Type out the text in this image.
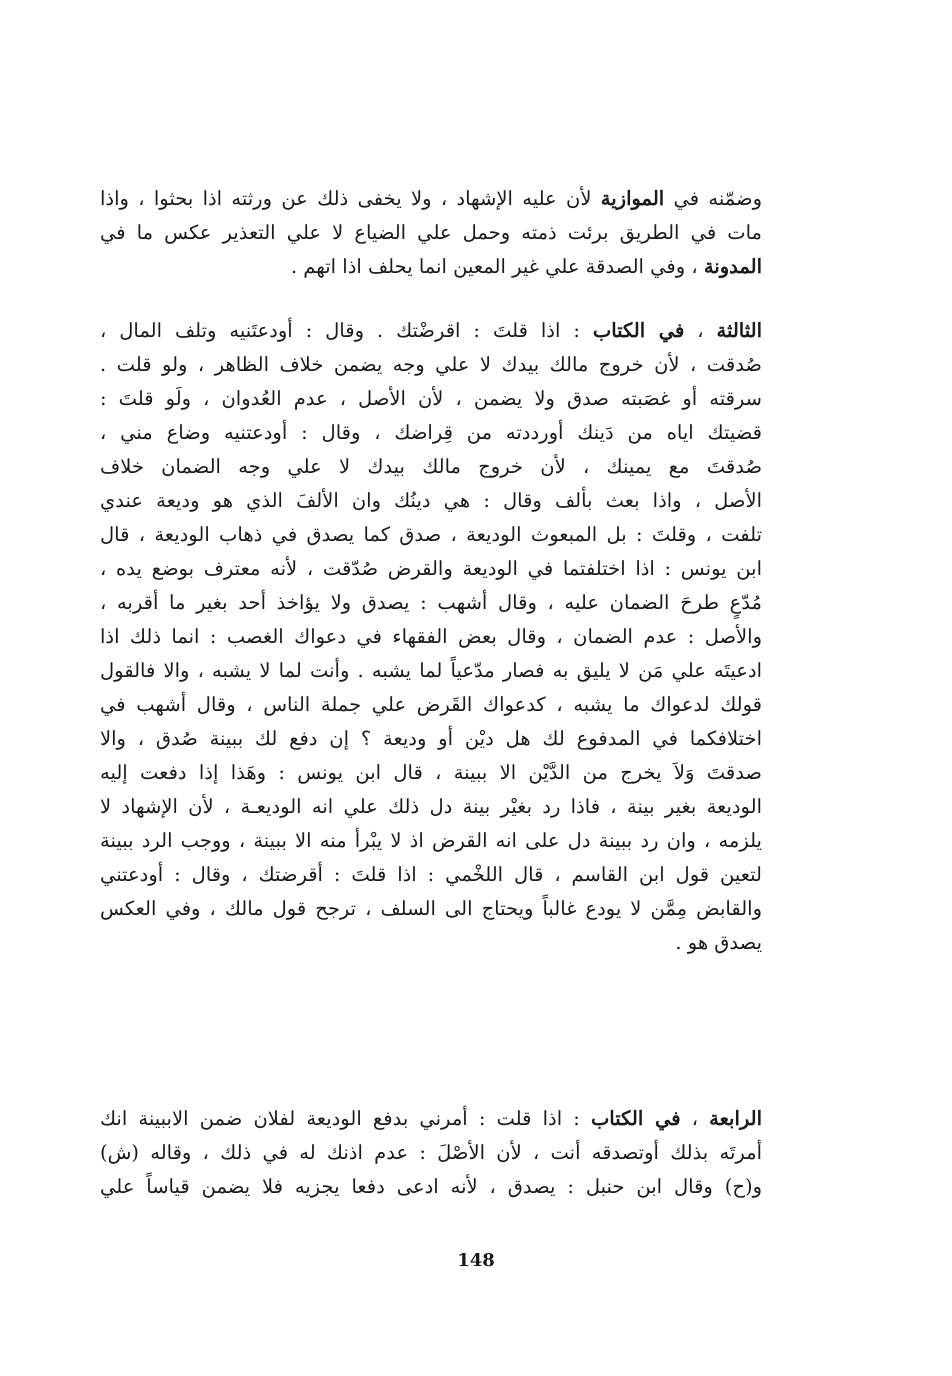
وضمّنه في الموازية لأن عليه الإشهاد ، ولا يخفى ذلك عن ورثته اذا بحثوا ، واذا
مات في الطريق برئت ذمته وحمل علي الضياع لا علي التعذير عكس ما في
المدونة ، وفي الصدقة علي غير المعين انما يحلف اذا اتهم .
الثالثة ، في الكتاب : اذا قلتَ : اقرضْتك . وقال : أودعتَنيه وتلف المال ،
صُدقت ، لأن خروج مالك بيدك لا علي وجه يضمن خلاف الظاهر ، ولو قلت .
سرقته أو غصَبته صدق ولا يضمن ، لأن الأصل ، عدم العُدوان ، ولَو قلتَ :
قضيتك اياه من دَينك أورددته من قِراضك ، وقال : أودعتنيه وضاع مني ،
صُدقتَ مع يمينك ، لأن خروج مالك بيدك لا علي وجه الضمان خلاف
الأصل ، واذا بعث بألف وقال : هي دينُك وان الألفَ الذي هو وديعة عندي
تلفت ، وقلتَ : بل المبعوث الوديعة ، صدق كما يصدق في ذهاب الوديعة ، قال
ابن يونس : اذا اختلفتما في الوديعة والقرض صُدّقت ، لأنه معترف بوضع يده ،
مُدّعٍ طرحَ الضمان عليه ، وقال أشهب : يصدق ولا يؤاخذ أحد بغير ما أقربه ،
والأصل : عدم الضمان ، وقال بعض الفقهاء في دعواك الغصب : انما ذلك اذا
ادعيتَه علي مَن لا يليق به فصار مدّعياً لما يشبه . وأنت لما لا يشبه ، والا فالقول
قولك لدعواك ما يشبه ، كدعواك القَرض علي جملة الناس ، وقال أشهب في
اختلافكما في المدفوع لك هل ديْن أو وديعة ؟ إن دفع لك ببينة صُدق ، والا
صدقتَ وَلاَ يخرج من الدَّيْن الا ببينة ، قال ابن يونس : وهَذا إذا دفعت إليه
الوديعة بغير بينة ، فاذا رد بغيْر بينة دل ذلك علي انه الوديعـة ، لأن الإشهاد لا
يلزمه ، وان رد ببينة دل على انه القرض اذ لا يبْرأ منه الا ببينة ، ووجب الرد ببينة
لتعين قول ابن القاسم ، قال اللخْمي : اذا قلتَ : أقرضتك ، وقال : أودعتني
والقابض مِمَّن لا يودع غالباً ويحتاج الى السلف ، ترجح قول مالك ، وفي العكس
يصدق هو .
الرابعة ، في الكتاب : اذا قلت : أمرني بدفع الوديعة لفلان ضمن الاببينة انك
أمرتَه بذلك أوتصدقه أنت ، لأن الأصْلَ : عدم اذنك له في ذلك ، وقاله (ش)
و(ح) وقال ابن حنبل : يصدق ، لأنه ادعى دفعا يجزيه فلا يضمن قياساً علي
148
